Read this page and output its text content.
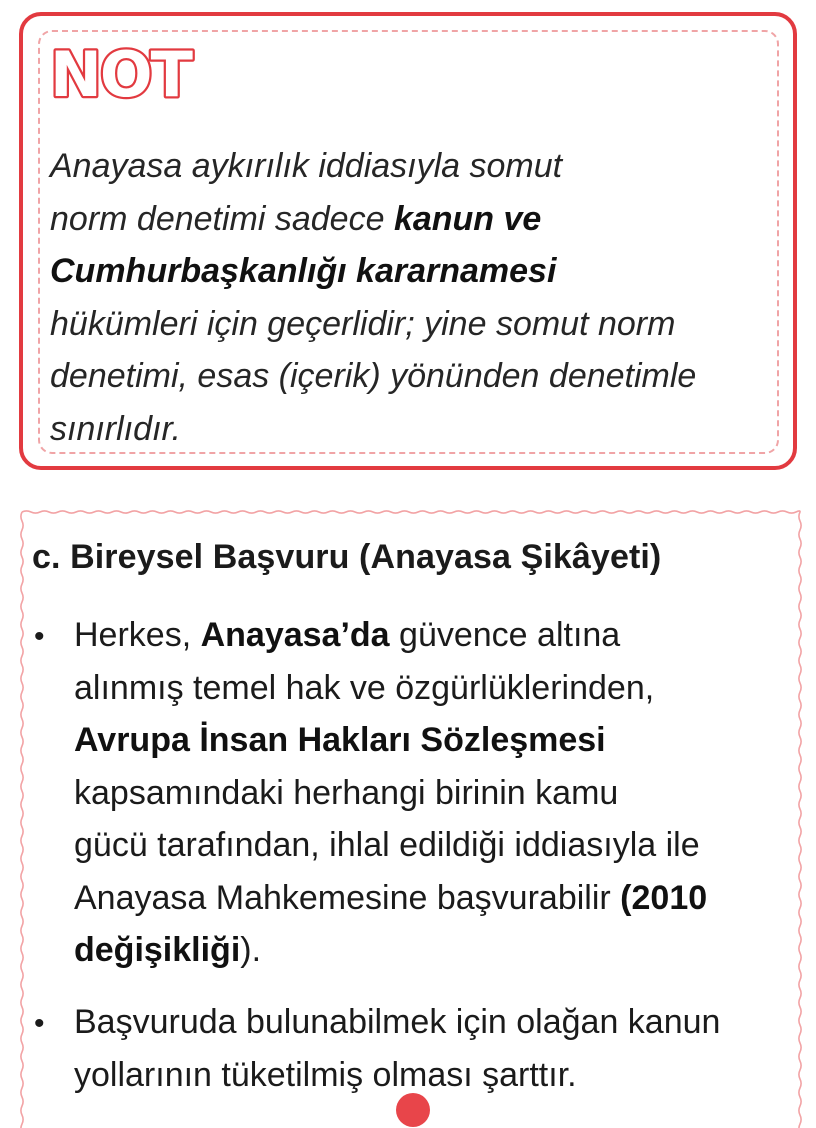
NOT
Anayasa aykırılık iddiasıyla somut
norm denetimi sadece kanun ve
Cumhurbaşkanlığı kararnamesi
hükümleri için geçerlidir; yine somut norm
denetimi, esas (içerik) yönünden denetimle
sınırlıdır.
c. Bireysel Başvuru (Anayasa Şikâyeti)
• Herkes, Anayasa’da güvence altına
alınmış temel hak ve özgürlüklerinden,
Avrupa İnsan Hakları Sözleşmesi
kapsamındaki herhangi birinin kamu
gücü tarafından, ihlal edildiği iddiasıyla ile
Anayasa Mahkemesine başvurabilir (2010
değişikliği).
• Başvuruda bulunabilmek için olağan kanun
yollarının tüketilmiş olması şarttır.
